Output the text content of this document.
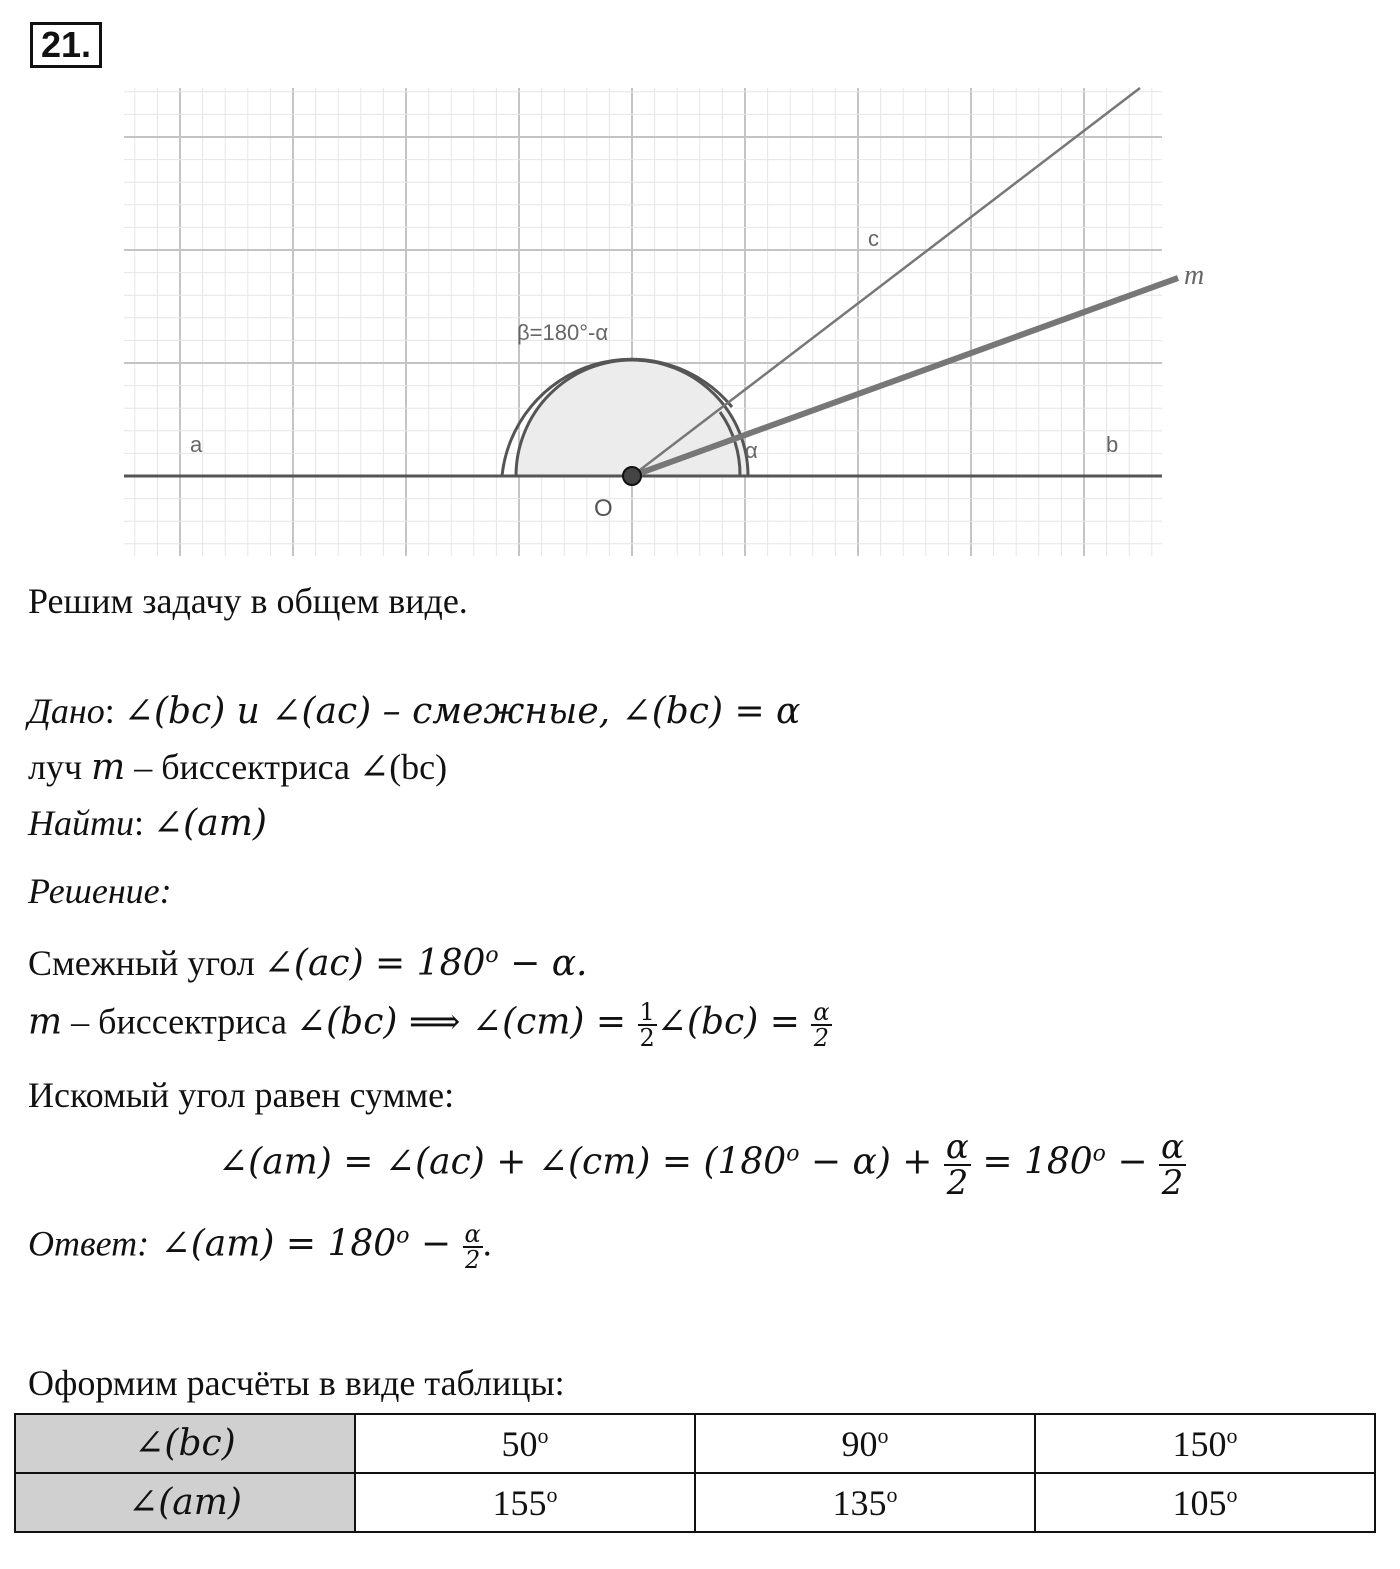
21.
a	b
c
m
O
α
β=180°-α
Решим задачу в общем виде.
Дано: ∠(bc) и ∠(ac) – смежные, ∠(bc) = α
луч m – биссектриса ∠(bc)
Найти: ∠(am)
Решение:
Смежный угол ∠(ac) = $180^o - \alpha$.
m – биссектриса ∠(bc) ⟹ ∠(cm) = $\frac{1}{2}$ ∠(bc) = $\frac{\alpha}{2}$
Искомый угол равен сумме:
∠(am) = ∠(ac) + ∠(cm) = $(180^o - \alpha) + \frac{\alpha}{2} = 180^o - \frac{\alpha}{2}$
Ответ: ∠(am) = $180^o - \frac{\alpha}{2}$ .
Оформим расчёты в виде таблицы:
∠(bc)	50$^o$	90$^o$	150$^o$
∠(am)	155$^o$	135$^o$	105$^o$
